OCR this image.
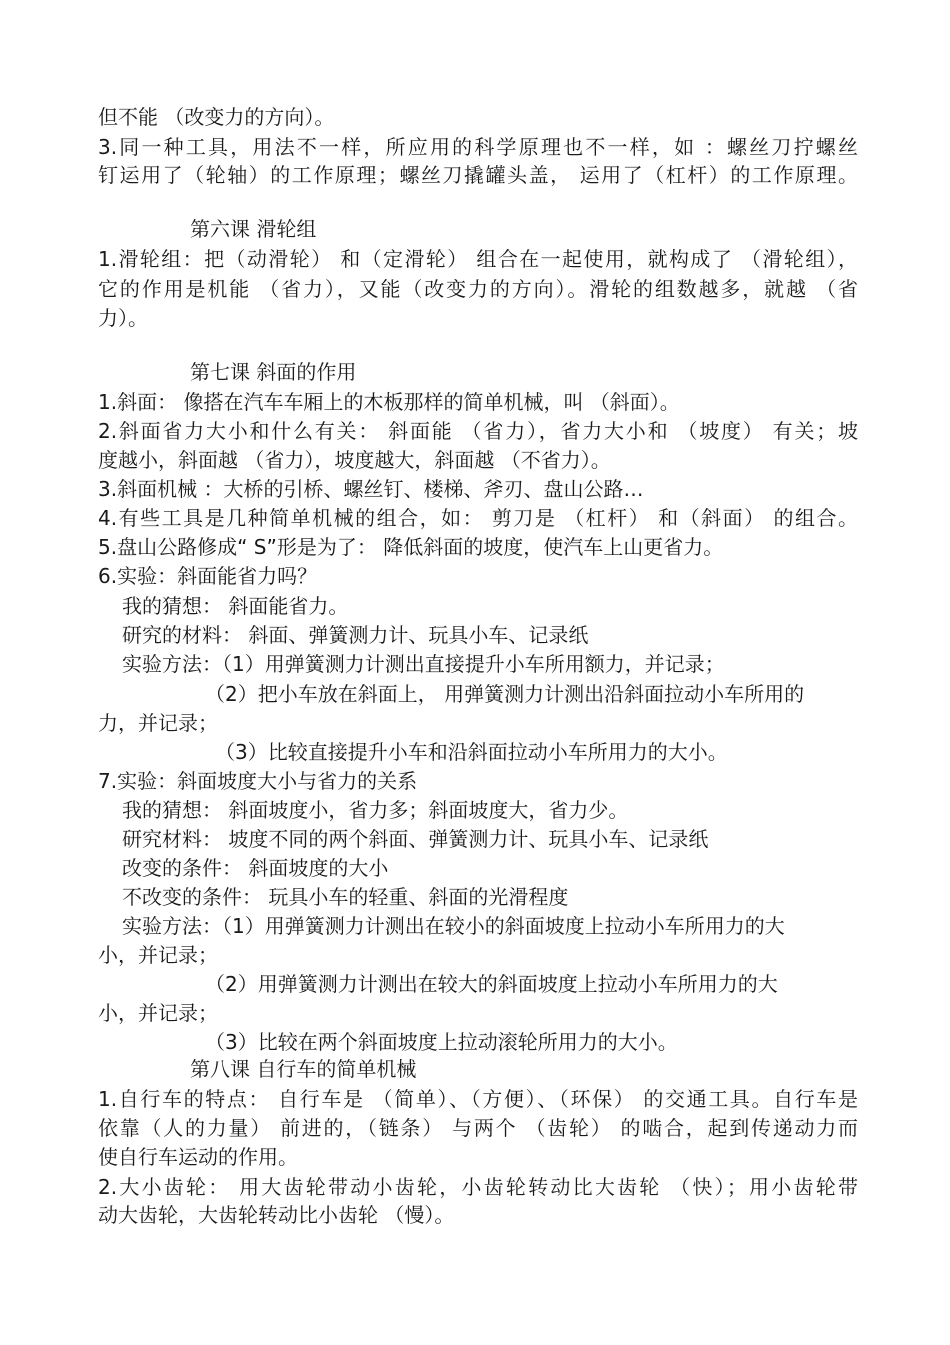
但不能 （改变力的方向）。
3.同一种工具，用法不一样，所应用的科学原理也不一样，如 ：螺丝刀拧螺丝
钉运用了（轮轴）的工作原理；螺丝刀撬罐头盖， 运用了（杠杆）的工作原理。
第六课 滑轮组
1.滑轮组：把（动滑轮） 和（定滑轮） 组合在一起使用，就构成了 （滑轮组），
它的作用是机能 （省力），又能（改变力的方向）。滑轮的组数越多，就越 （省
力）。
第七课 斜面的作用
1.斜面： 像搭在汽车车厢上的木板那样的简单机械，叫 （斜面）。
2.斜面省力大小和什么有关： 斜面能 （省力），省力大小和 （坡度） 有关；坡
度越小，斜面越 （省力），坡度越大，斜面越 （不省力）。
3.斜面机械 ：大桥的引桥、螺丝钉、楼梯、斧刃、盘山公路…
4.有些工具是几种简单机械的组合，如： 剪刀是 （杠杆） 和（斜面） 的组合。
5.盘山公路修成“ S”形是为了： 降低斜面的坡度，使汽车上山更省力。
6.实验：斜面能省力吗？
我的猜想： 斜面能省力。
研究的材料： 斜面、弹簧测力计、玩具小车、记录纸
实验方法：（1）用弹簧测力计测出直接提升小车所用额力，并记录；
（2）把小车放在斜面上， 用弹簧测力计测出沿斜面拉动小车所用的
力，并记录；
（3）比较直接提升小车和沿斜面拉动小车所用力的大小。
7.实验：斜面坡度大小与省力的关系
我的猜想： 斜面坡度小，省力多；斜面坡度大，省力少。
研究材料： 坡度不同的两个斜面、弹簧测力计、玩具小车、记录纸
改变的条件： 斜面坡度的大小
不改变的条件： 玩具小车的轻重、斜面的光滑程度
实验方法：（1）用弹簧测力计测出在较小的斜面坡度上拉动小车所用力的大
小，并记录；
（2）用弹簧测力计测出在较大的斜面坡度上拉动小车所用力的大
小，并记录；
（3）比较在两个斜面坡度上拉动滚轮所用力的大小。
第八课 自行车的简单机械
1.自行车的特点： 自行车是 （简单）、（方便）、（环保） 的交通工具。自行车是
依靠（人的力量） 前进的，（链条） 与两个 （齿轮） 的啮合，起到传递动力而
使自行车运动的作用。
2.大小齿轮： 用大齿轮带动小齿轮，小齿轮转动比大齿轮 （快）；用小齿轮带
动大齿轮，大齿轮转动比小齿轮 （慢）。
